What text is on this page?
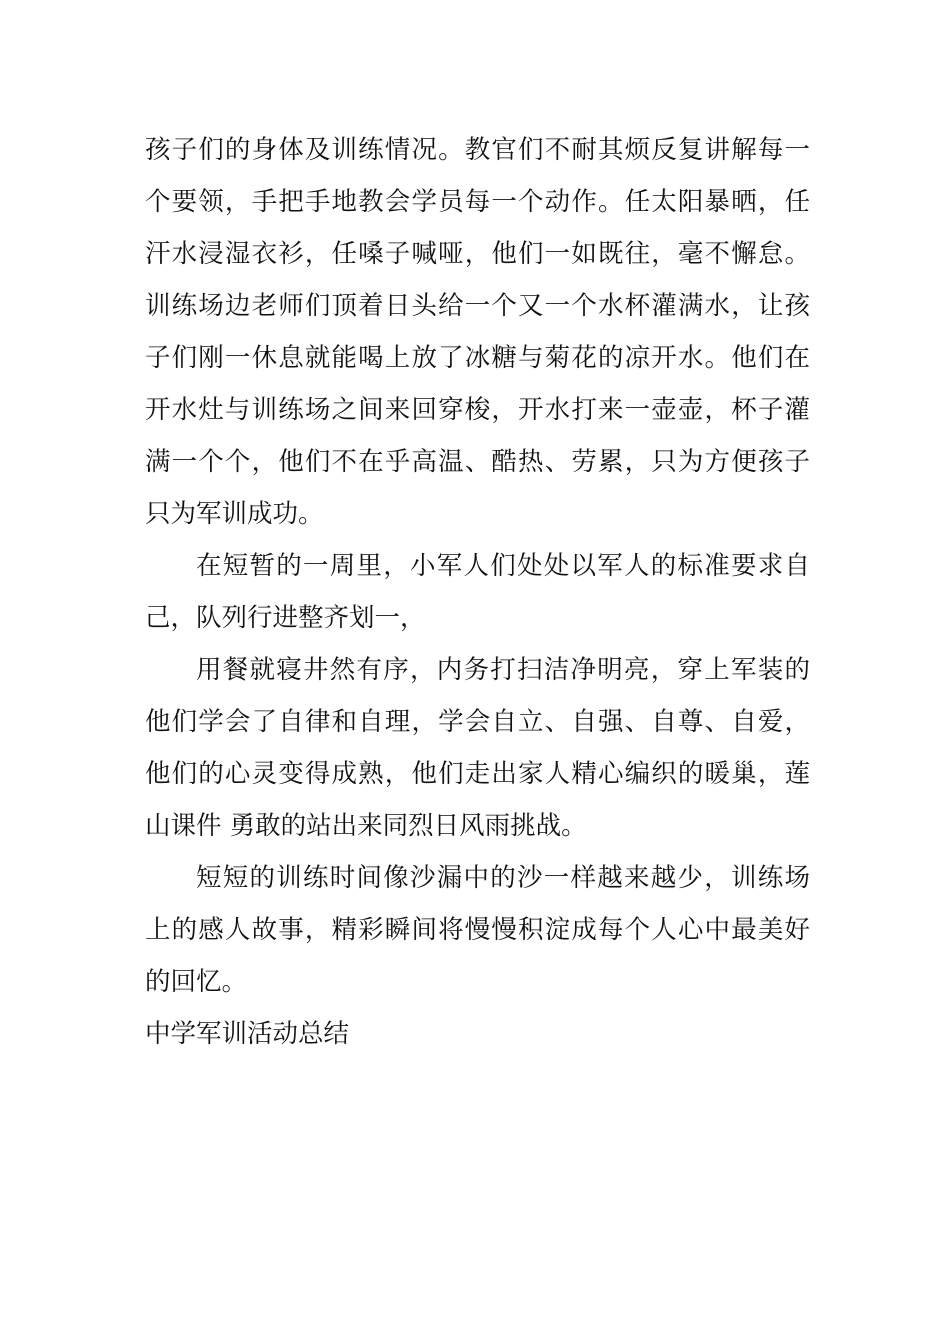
孩子们的身体及训练情况。教官们不耐其烦反复讲解每一
个要领，手把手地教会学员每一个动作。任太阳暴晒，任
汗水浸湿衣衫，任嗓子喊哑，他们一如既往，毫不懈怠。
训练场边老师们顶着日头给一个又一个水杯灌满水，让孩
子们刚一休息就能喝上放了冰糖与菊花的凉开水。他们在
开水灶与训练场之间来回穿梭，开水打来一壶壶，杯子灌
满一个个，他们不在乎高温、酷热、劳累，只为方便孩子
只为军训成功。
在短暂的一周里，小军人们处处以军人的标准要求自
己，队列行进整齐划一，
用餐就寝井然有序，内务打扫洁净明亮，穿上军装的
他们学会了自律和自理，学会自立、自强、自尊、自爱，
他们的心灵变得成熟，他们走出家人精心编织的暖巢，莲
山课件 勇敢的站出来同烈日风雨挑战。
短短的训练时间像沙漏中的沙一样越来越少，训练场
上的感人故事，精彩瞬间将慢慢积淀成每个人心中最美好
的回忆。
中学军训活动总结
